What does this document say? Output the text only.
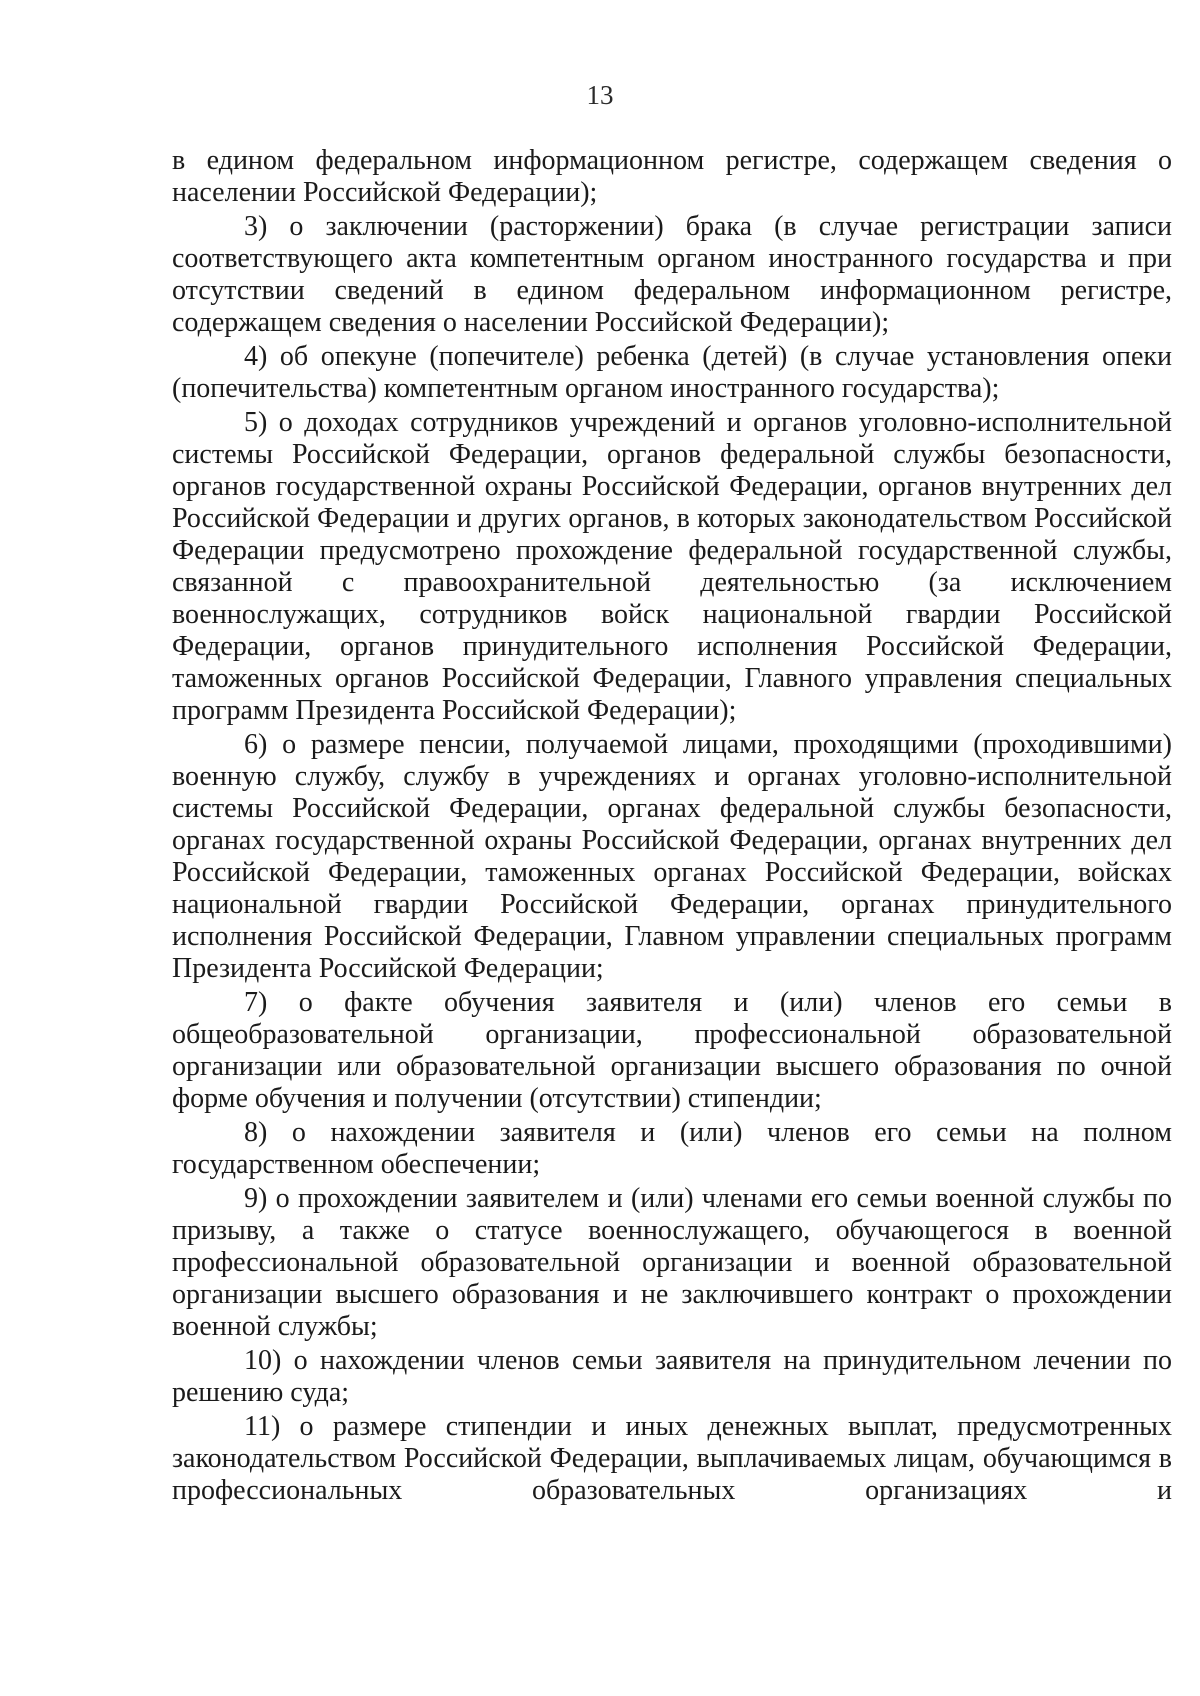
13

в едином федеральном информационном регистре, содержащем сведения о населении Российской Федерации);

3) о заключении (расторжении) брака (в случае регистрации записи соответствующего акта компетентным органом иностранного государства и при отсутствии сведений в едином федеральном информационном регистре, содержащем сведения о населении Российской Федерации);

4) об опекуне (попечителе) ребенка (детей) (в случае установления опеки (попечительства) компетентным органом иностранного государства);

5) о доходах сотрудников учреждений и органов уголовно-исполнительной системы Российской Федерации, органов федеральной службы безопасности, органов государственной охраны Российской Федерации, органов внутренних дел Российской Федерации и других органов, в которых законодательством Российской Федерации предусмотрено прохождение федеральной государственной службы, связанной с правоохранительной деятельностью (за исключением военнослужащих, сотрудников войск национальной гвардии Российской Федерации, органов принудительного исполнения Российской Федерации, таможенных органов Российской Федерации, Главного управления специальных программ Президента Российской Федерации);

6) о размере пенсии, получаемой лицами, проходящими (проходившими) военную службу, службу в учреждениях и органах уголовно-исполнительной системы Российской Федерации, органах федеральной службы безопасности, органах государственной охраны Российской Федерации, органах внутренних дел Российской Федерации, таможенных органах Российской Федерации, войсках национальной гвардии Российской Федерации, органах принудительного исполнения Российской Федерации, Главном управлении специальных программ Президента Российской Федерации;

7) о факте обучения заявителя и (или) членов его семьи в общеобразовательной организации, профессиональной образовательной организации или образовательной организации высшего образования по очной форме обучения и получении (отсутствии) стипендии;

8) о нахождении заявителя и (или) членов его семьи на полном государственном обеспечении;

9) о прохождении заявителем и (или) членами его семьи военной службы по призыву, а также о статусе военнослужащего, обучающегося в военной профессиональной образовательной организации и военной образовательной организации высшего образования и не заключившего контракт о прохождении военной службы;

10) о нахождении членов семьи заявителя на принудительном лечении по решению суда;

11) о размере стипендии и иных денежных выплат, предусмотренных законодательством Российской Федерации, выплачиваемых лицам, обучающимся в профессиональных образовательных организациях и
